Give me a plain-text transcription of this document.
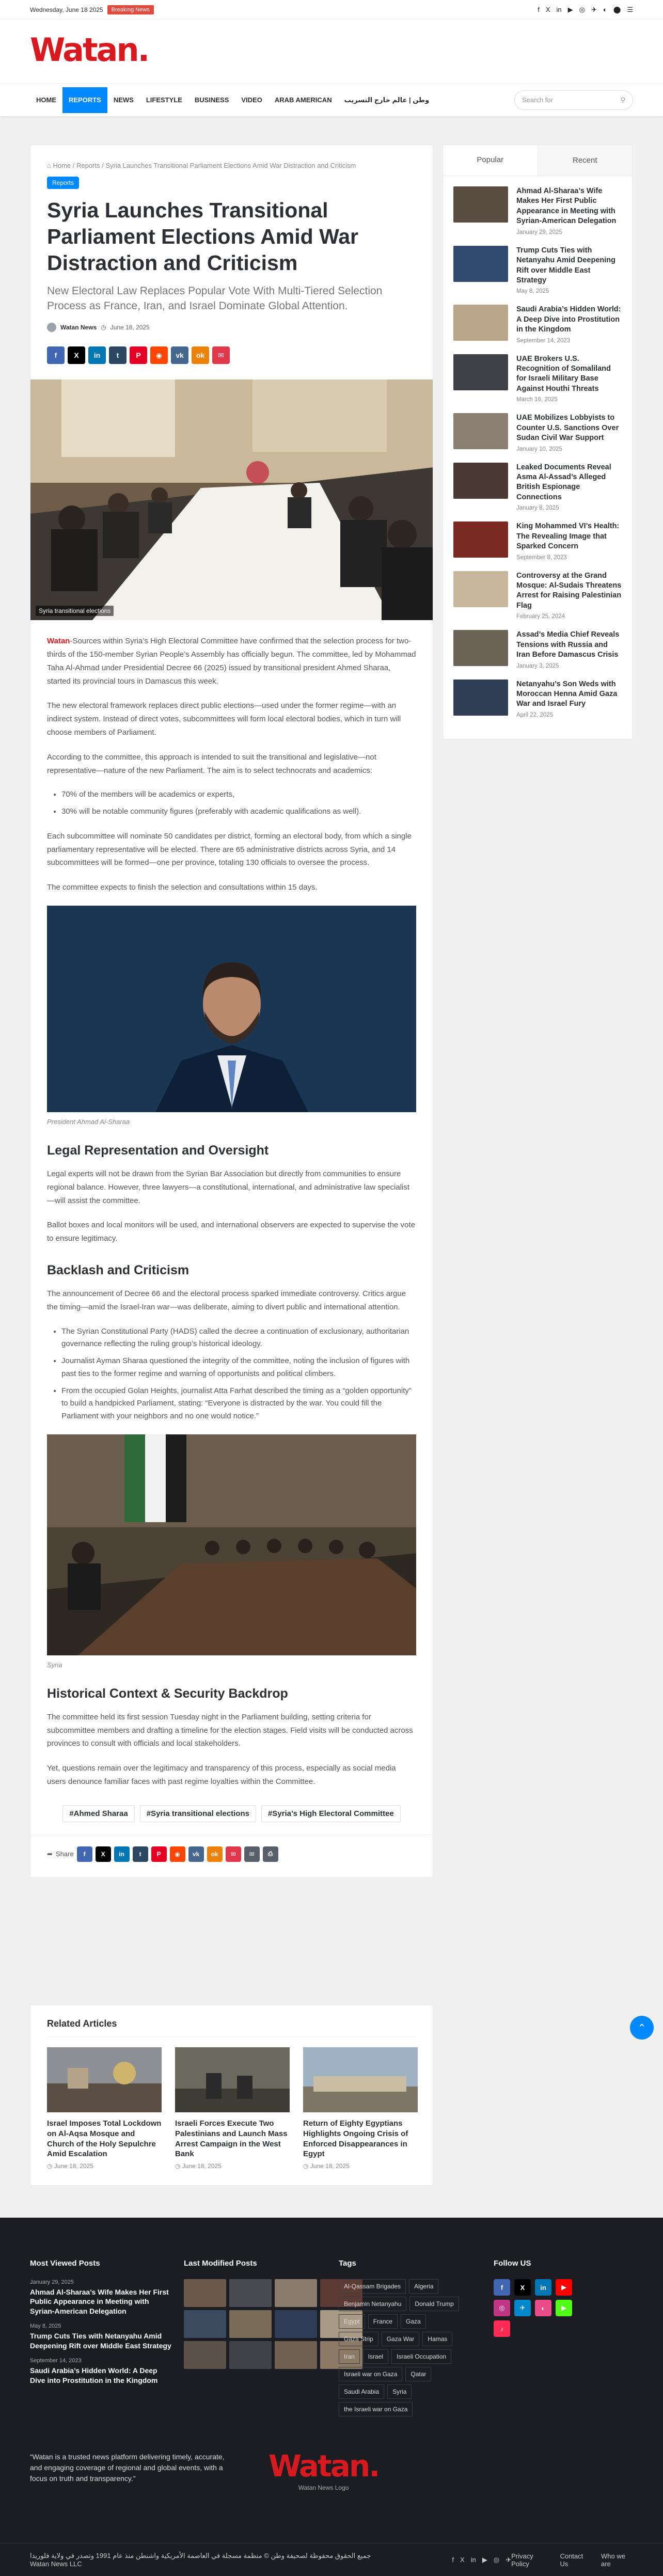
Wednesday, June 18 2025	Breaking News	f X in ▶ ◎ ✈ ◐ ⬤ ☰
Watan.
HOME	REPORTS	NEWS	LIFESTYLE	BUSINESS	VIDEO	ARAB AMERICAN	وطن | عالم خارج التسريب	Search for	⚲
⌂ Home / Reports / Syria Launches Transitional Parliament Elections Amid War Distraction and Criticism
Reports
Syria Launches Transitional Parliament Elections Amid War Distraction and Criticism
New Electoral Law Replaces Popular Vote With Multi-Tiered Selection Process as France, Iran, and Israel Dominate Global Attention.
Watan News ◷ June 18, 2025
f	X	in	t	P	◉	vk	ok	✉
Syria transitional elections

Watan-Sources within Syria’s High Electoral Committee have confirmed that the selection process for two-thirds of the 150-member Syrian People’s Assembly has officially begun. The committee, led by Mohammad Taha Al-Ahmad under Presidential Decree 66 (2025) issued by transitional president Ahmed Sharaa, started its provincial tours in Damascus this week.

The new electoral framework replaces direct public elections—used under the former regime—with an indirect system. Instead of direct votes, subcommittees will form local electoral bodies, which in turn will choose members of Parliament.

According to the committee, this approach is intended to suit the transitional and legislative—not representative—nature of the new Parliament. The aim is to select technocrats and academics:

• 70% of the members will be academics or experts,
• 30% will be notable community figures (preferably with academic qualifications as well).

Each subcommittee will nominate 50 candidates per district, forming an electoral body, from which a single parliamentary representative will be elected. There are 65 administrative districts across Syria, and 14 subcommittees will be formed—one per province, totaling 130 officials to oversee the process.

The committee expects to finish the selection and consultations within 15 days.

President Ahmad Al-Sharaa
Legal Representation and Oversight

Legal experts will not be drawn from the Syrian Bar Association but directly from communities to ensure regional balance. However, three lawyers—a constitutional, international, and administrative law specialist—will assist the committee.

Ballot boxes and local monitors will be used, and international observers are expected to supervise the vote to ensure legitimacy.

Backlash and Criticism

The announcement of Decree 66 and the electoral process sparked immediate controversy. Critics argue the timing—amid the Israel-Iran war—was deliberate, aiming to divert public and international attention.

• The Syrian Constitutional Party (HADS) called the decree a continuation of exclusionary, authoritarian governance reflecting the ruling group’s historical ideology.
• Journalist Ayman Sharaa questioned the integrity of the committee, noting the inclusion of figures with past ties to the former regime and warning of opportunists and political climbers.
• From the occupied Golan Heights, journalist Atta Farhat described the timing as a “golden opportunity” to build a handpicked Parliament, stating: “Everyone is distracted by the war. You could fill the Parliament with your neighbors and no one would notice.”
Syria
Historical Context & Security Backdrop

The committee held its first session Tuesday night in the Parliament building, setting criteria for subcommittee members and drafting a timeline for the election stages. Field visits will be conducted across provinces to consult with officials and local stakeholders.

Yet, questions remain over the legitimacy and transparency of this process, especially as social media users denounce familiar faces with past regime loyalties within the Committee.

#Ahmed Sharaa	#Syria transitional elections	#Syria’s High Electoral Committee
➦ Share	f	X	in	t	P	◉	vk	ok	✉	✉	⎙
Related Articles
Israel Imposes Total Lockdown on Al-Aqsa Mosque and Church of the Holy Sepulchre Amid Escalation
◷ June 18, 2025
Israeli Forces Execute Two Palestinians and Launch Mass Arrest Campaign in the West Bank
◷ June 18, 2025
Return of Eighty Egyptians Highlights Ongoing Crisis of Enforced Disappearances in Egypt
◷ June 18, 2025
Popular	Recent
Ahmad Al-Sharaa’s Wife Makes Her First Public Appearance in Meeting with Syrian-American Delegation
January 29, 2025
Trump Cuts Ties with Netanyahu Amid Deepening Rift over Middle East Strategy
May 8, 2025
Saudi Arabia’s Hidden World: A Deep Dive into Prostitution in the Kingdom
September 14, 2023
UAE Brokers U.S. Recognition of Somaliland for Israeli Military Base Against Houthi Threats
March 16, 2025
UAE Mobilizes Lobbyists to Counter U.S. Sanctions Over Sudan Civil War Support
January 10, 2025
Leaked Documents Reveal Asma Al-Assad’s Alleged British Espionage Connections
January 8, 2025
King Mohammed VI’s Health: The Revealing Image that Sparked Concern
September 8, 2023
Controversy at the Grand Mosque: Al-Sudais Threatens Arrest for Raising Palestinian Flag
February 25, 2024
Assad’s Media Chief Reveals Tensions with Russia and Iran Before Damascus Crisis
January 3, 2025
Netanyahu’s Son Weds with Moroccan Henna Amid Gaza War and Israel Fury
April 22, 2025
⌃
Most Viewed Posts
January 29, 2025
Ahmad Al-Sharaa’s Wife Makes Her First Public Appearance in Meeting with Syrian-American Delegation
May 8, 2025
Trump Cuts Ties with Netanyahu Amid Deepening Rift over Middle East Strategy
September 14, 2023
Saudi Arabia’s Hidden World: A Deep Dive into Prostitution in the Kingdom
Last Modified Posts	Tags
Al-Qassam Brigades	Algeria
Benjamin Netanyahu	Donald Trump
Egypt	France	Gaza
Gaza Strip	Gaza War	Hamas
Iran	Israel	Israeli Occupation
Israeli war on Gaza	Qatar
Saudi Arabia	Syria
the Israeli war on Gaza
Follow US
f	X	in	▶
◎	✈	◐	▶
♪
“Watan is a trusted news platform delivering timely, accurate, and engaging coverage of regional and global events, with a focus on truth and transparency.”	Watan.
Watan News Logo
جميع الحقوق محفوظة لصحيفة وطن © منظمة مسجلة في العاصمة الأمريكية واشنطن منذ عام 1991 وتصدر في ولاية فلوريدا Watan News LLC
f X in ▶ ◎ ✈ Privacy Policy
Contact Us
Who we are
